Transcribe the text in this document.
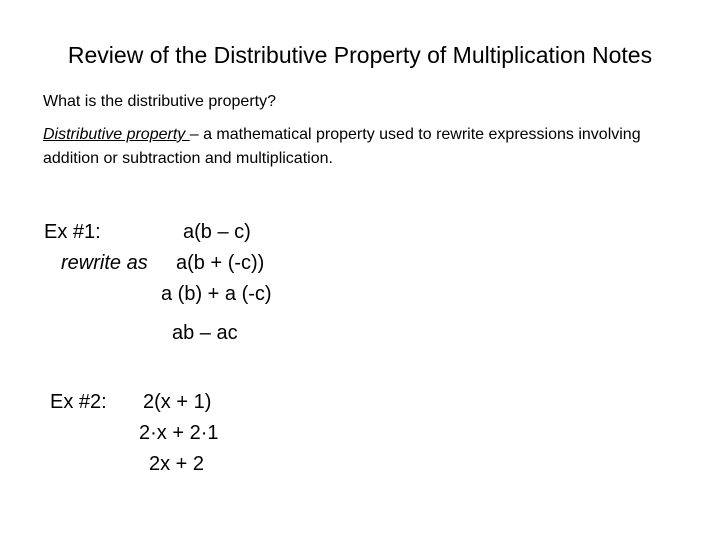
Review of the Distributive Property of Multiplication Notes
What is the distributive property?
Distributive property – a mathematical property used to rewrite expressions involving addition or subtraction and multiplication.
Ex #1:	a(b – c)
rewrite as a(b + (-c))
a (b) + a (-c)
ab – ac
Ex #2: 2(x + 1)
2·x + 2·1
2x + 2
